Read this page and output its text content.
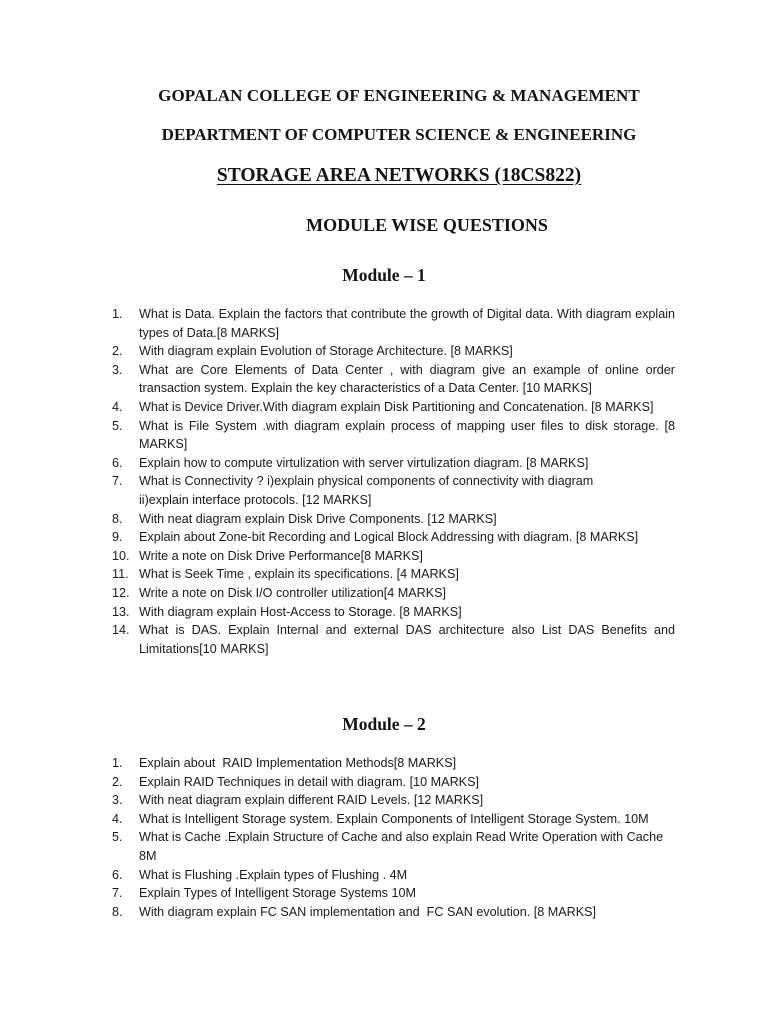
GOPALAN COLLEGE OF ENGINEERING & MANAGEMENT
DEPARTMENT OF COMPUTER SCIENCE & ENGINEERING
STORAGE AREA NETWORKS (18CS822)
MODULE WISE QUESTIONS
Module – 1
1.	What is Data. Explain the factors that contribute the growth of Digital data. With diagram explain types of Data.[8 MARKS]
2.	With diagram explain Evolution of Storage Architecture. [8 MARKS]
3.	What are Core Elements of Data Center , with diagram give an example of online order transaction system. Explain the key characteristics of a Data Center. [10 MARKS]
4.	What is Device Driver.With diagram explain Disk Partitioning and Concatenation. [8 MARKS]
5.	What is File System .with diagram explain process of mapping user files to disk storage. [8 MARKS]
6.	Explain how to compute virtulization with server virtulization diagram. [8 MARKS]
7.	What is Connectivity ? i)explain physical components of connectivity with diagram ii)explain interface protocols. [12 MARKS]
8.	With neat diagram explain Disk Drive Components. [12 MARKS]
9.	Explain about Zone-bit Recording and Logical Block Addressing with diagram. [8 MARKS]
10. Write a note on Disk Drive Performance[8 MARKS]
11. What is Seek Time , explain its specifications. [4 MARKS]
12. Write a note on Disk I/O controller utilization[4 MARKS]
13. With diagram explain Host-Access to Storage. [8 MARKS]
14. What is DAS. Explain Internal and external DAS architecture also List DAS Benefits and Limitations[10 MARKS]
Module – 2
1.	Explain about  RAID Implementation Methods[8 MARKS]
2.	Explain RAID Techniques in detail with diagram. [10 MARKS]
3.	With neat diagram explain different RAID Levels. [12 MARKS]
4.	What is Intelligent Storage system. Explain Components of Intelligent Storage System. 10M
5.	What is Cache .Explain Structure of Cache and also explain Read Write Operation with Cache 8M
6.	What is Flushing .Explain types of Flushing . 4M
7.	Explain Types of Intelligent Storage Systems 10M
8.	With diagram explain FC SAN implementation and  FC SAN evolution. [8 MARKS]
